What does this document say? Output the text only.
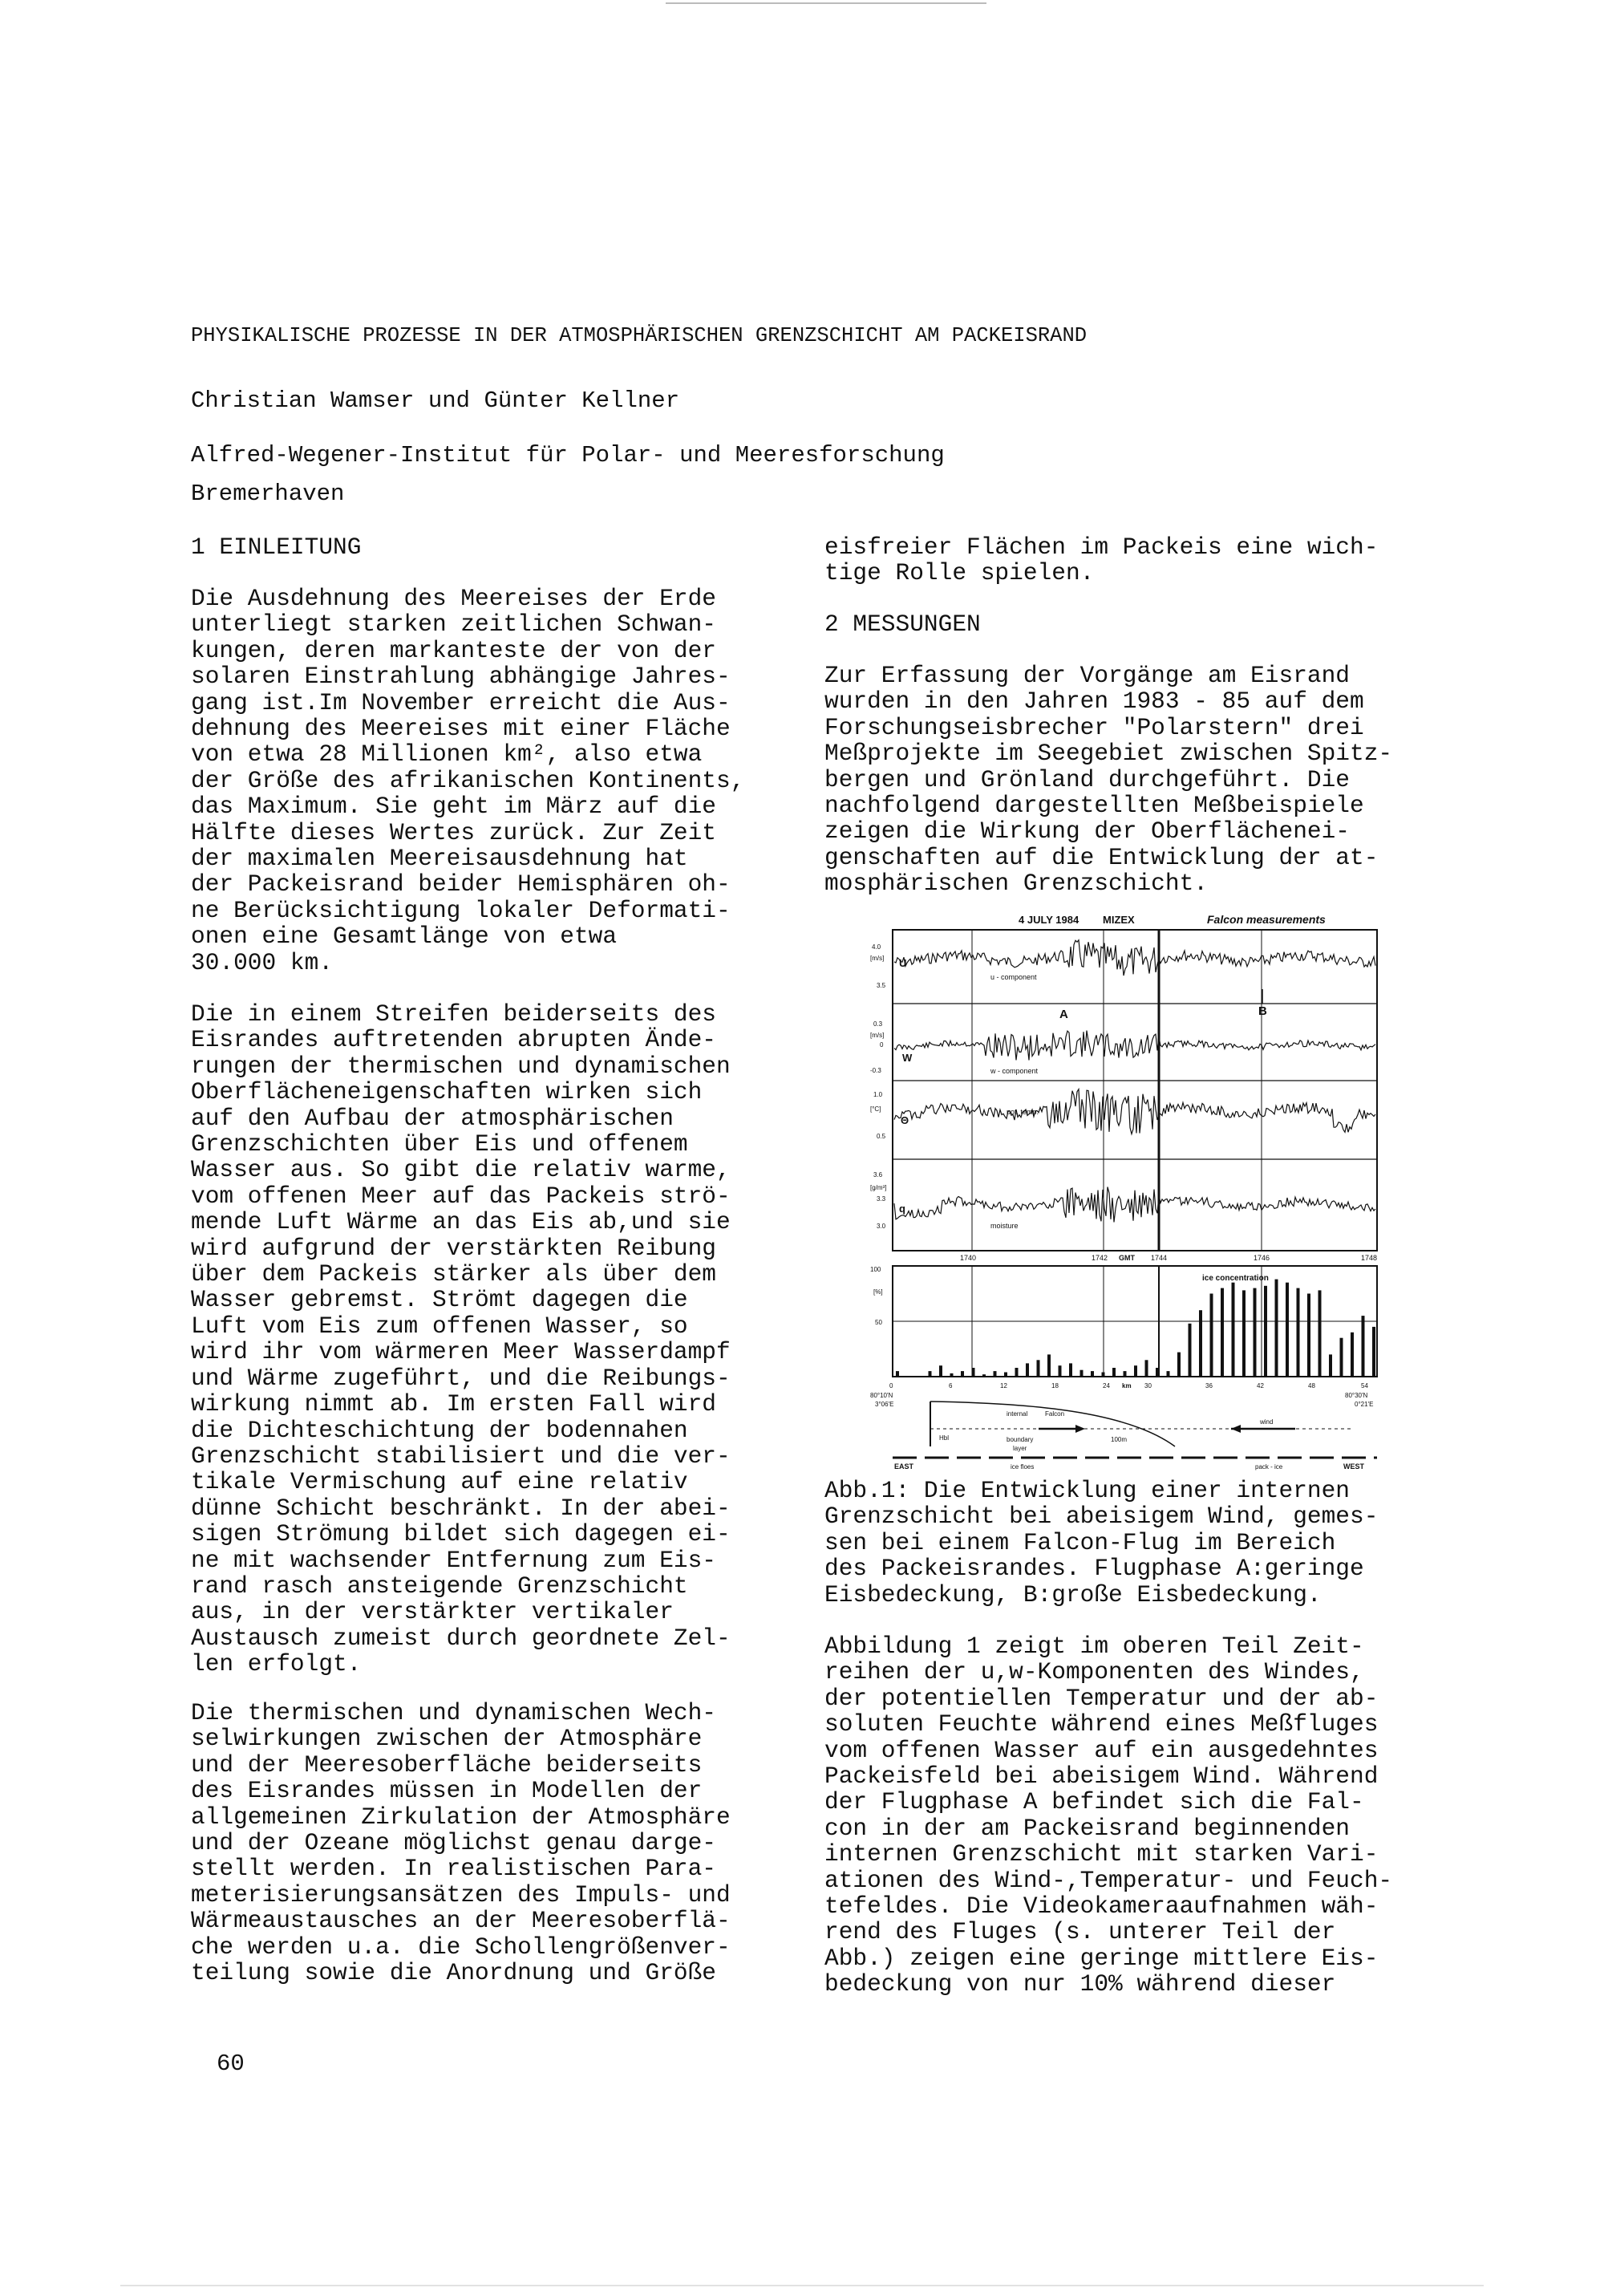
PHYSIKALISCHE PROZESSE IN DER ATMOSPHÄRISCHEN GRENZSCHICHT AM PACKEISRAND
Christian Wamser und Günter Kellner
Alfred-Wegener-Institut für Polar- und Meeresforschung
Bremerhaven

1 EINLEITUNG

Die Ausdehnung des Meereises der Erde

unterliegt starken zeitlichen Schwan-

kungen, deren markanteste der von der

solaren Einstrahlung abhängige Jahres-

gang ist.Im November erreicht die Aus-

dehnung des Meereises mit einer Fläche

von etwa 28 Millionen km², also etwa

der Größe des afrikanischen Kontinents,

das Maximum. Sie geht im März auf die

Hälfte dieses Wertes zurück. Zur Zeit

der maximalen Meereisausdehnung hat

der Packeisrand beider Hemisphären oh-

ne Berücksichtigung lokaler Deformati-

onen eine Gesamtlänge von etwa

30.000 km.

Die in einem Streifen beiderseits des

Eisrandes auftretenden abrupten Ände-

rungen der thermischen und dynamischen

Oberflächeneigenschaften wirken sich

auf den Aufbau der atmosphärischen

Grenzschichten über Eis und offenem

Wasser aus. So gibt die relativ warme,

vom offenen Meer auf das Packeis strö-

mende Luft Wärme an das Eis ab,und sie

wird aufgrund der verstärkten Reibung

über dem Packeis stärker als über dem

Wasser gebremst. Strömt dagegen die

Luft vom Eis zum offenen Wasser, so

wird ihr vom wärmeren Meer Wasserdampf

und Wärme zugeführt, und die Reibungs-

wirkung nimmt ab. Im ersten Fall wird

die Dichteschichtung der bodennahen

Grenzschicht stabilisiert und die ver-

tikale Vermischung auf eine relativ

dünne Schicht beschränkt. In der abei-

sigen Strömung bildet sich dagegen ei-

ne mit wachsender Entfernung zum Eis-

rand rasch ansteigende Grenzschicht

aus, in der verstärkter vertikaler

Austausch zumeist durch geordnete Zel-

len erfolgt.

Die thermischen und dynamischen Wech-

selwirkungen zwischen der Atmosphäre

und der Meeresoberfläche beiderseits

des Eisrandes müssen in Modellen der

allgemeinen Zirkulation der Atmosphäre

und der Ozeane möglichst genau darge-

stellt werden. In realistischen Para-

meterisierungsansätzen des Impuls- und

Wärmeaustausches an der Meeresoberflä-

che werden u.a. die Schollengrößenver-

teilung sowie die Anordnung und Größe

eisfreier Flächen im Packeis eine wich-

tige Rolle spielen.

2 MESSUNGEN

Zur Erfassung der Vorgänge am Eisrand

wurden in den Jahren 1983 - 85 auf dem

Forschungseisbrecher "Polarstern" drei

Meßprojekte im Seegebiet zwischen Spitz-

bergen und Grönland durchgeführt. Die

nachfolgend dargestellten Meßbeispiele

zeigen die Wirkung der Oberflächenei-

genschaften auf die Entwicklung der at-

mosphärischen Grenzschicht.

4 JULY 1984 MIZEX	Falcon measurements
A	B
4.0
[m/s]
3.5
U
u - component
0.3
[m/s]
0
-0.3
W
w - component
1.0
[°C]
0.5
Θ
pot. temp.
3.6
[g/m³]
3.3
3.0
q
moisture
1740	1742 GMT 1744	1746	1748
100
[%]
50
ice concentration
0	6	12	18	24 km 30	36	42	48	54
80°10'N
3°06'E
80°30'N
0°21'E
internal	Falcon
boundary
layer
Hbl	100m
wind
EAST	ice floes	pack - ice	WEST

Abb.1: Die Entwicklung einer internen

Grenzschicht bei abeisigem Wind, gemes-

sen bei einem Falcon-Flug im Bereich

des Packeisrandes. Flugphase A:geringe

Eisbedeckung, B:große Eisbedeckung.

Abbildung 1 zeigt im oberen Teil Zeit-

reihen der u,w-Komponenten des Windes,

der potentiellen Temperatur und der ab-

soluten Feuchte während eines Meßfluges

vom offenen Wasser auf ein ausgedehntes

Packeisfeld bei abeisigem Wind. Während

der Flugphase A befindet sich die Fal-

con in der am Packeisrand beginnenden

internen Grenzschicht mit starken Vari-

ationen des Wind-,Temperatur- und Feuch-

tefeldes. Die Videokameraaufnahmen wäh-

rend des Fluges (s. unterer Teil der

Abb.) zeigen eine geringe mittlere Eis-

bedeckung von nur 10% während dieser

60
